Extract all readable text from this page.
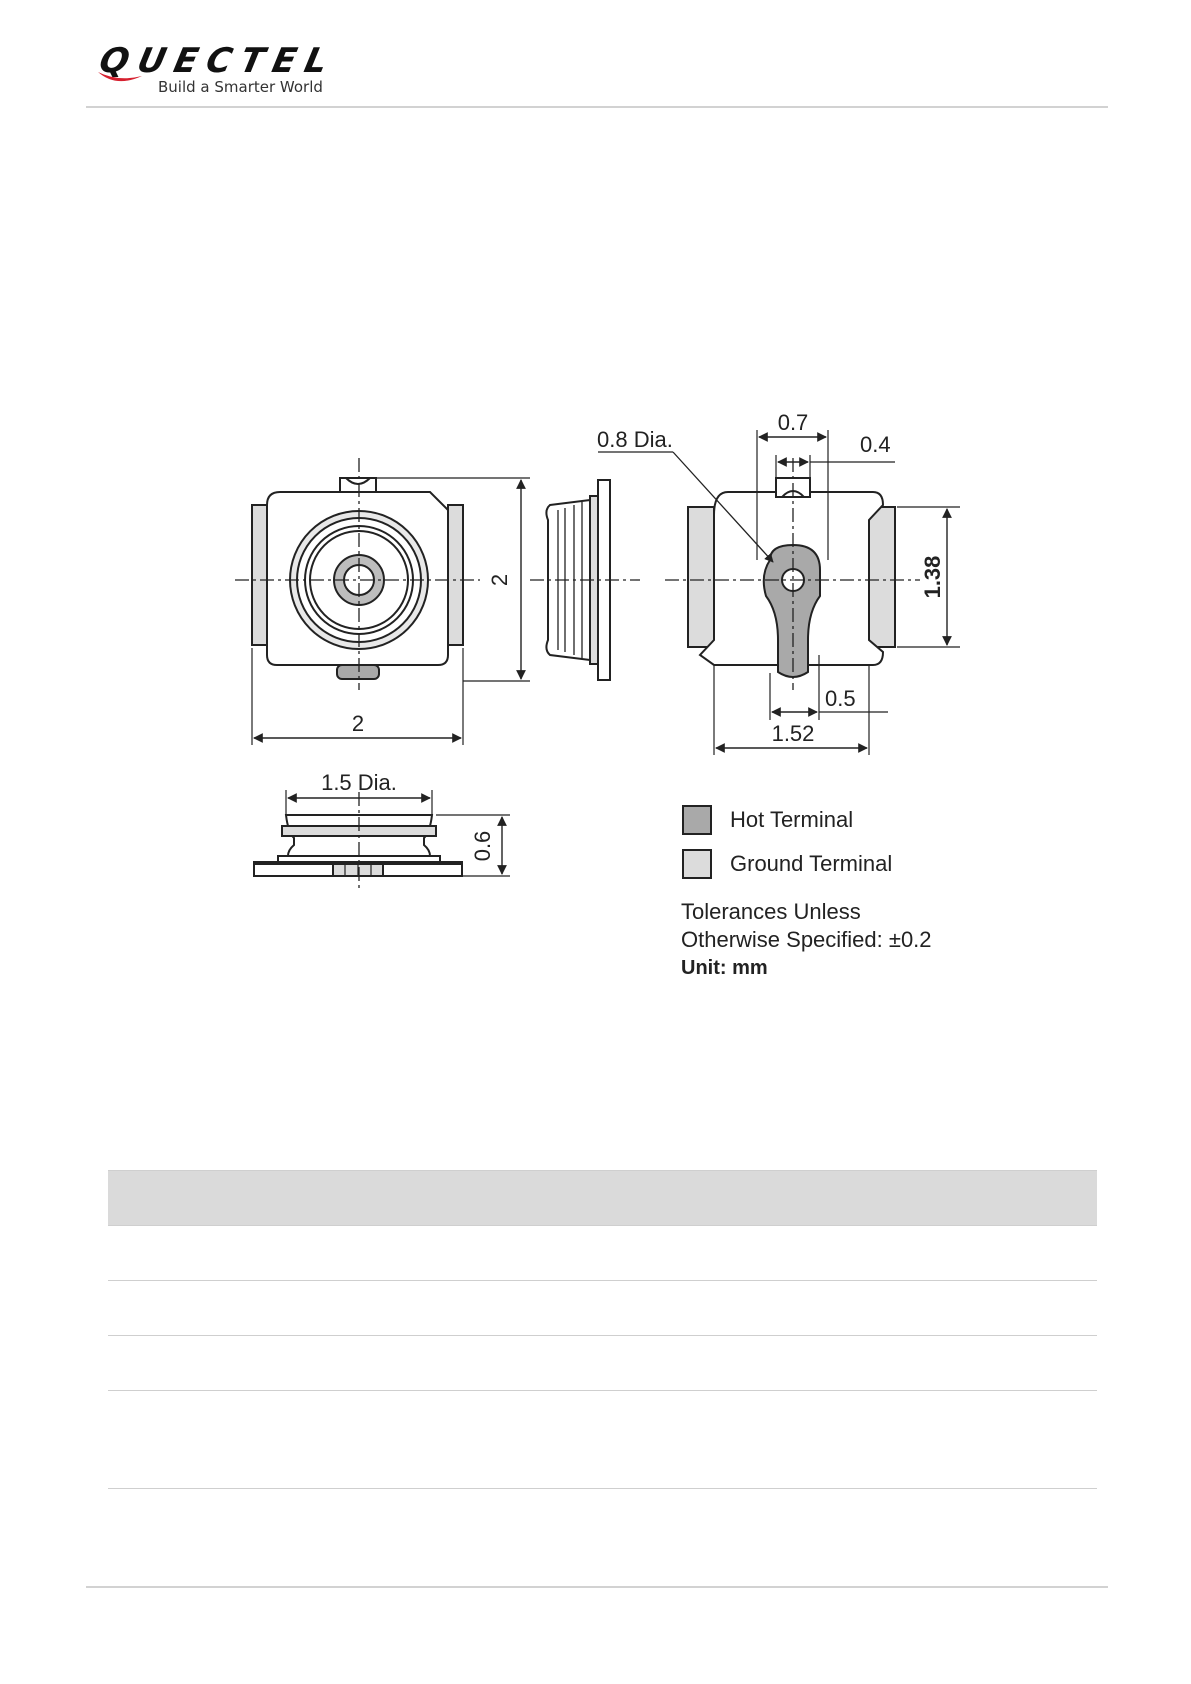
QUECTEL
Build a Smarter World
2
2
0.8 Dia.
0.7
0.4
1.38
0.5
1.52
1.5 Dia.
0.6
Hot Terminal
Ground Terminal
Tolerances Unless
Otherwise Specified: ±0.2
Unit: mm
